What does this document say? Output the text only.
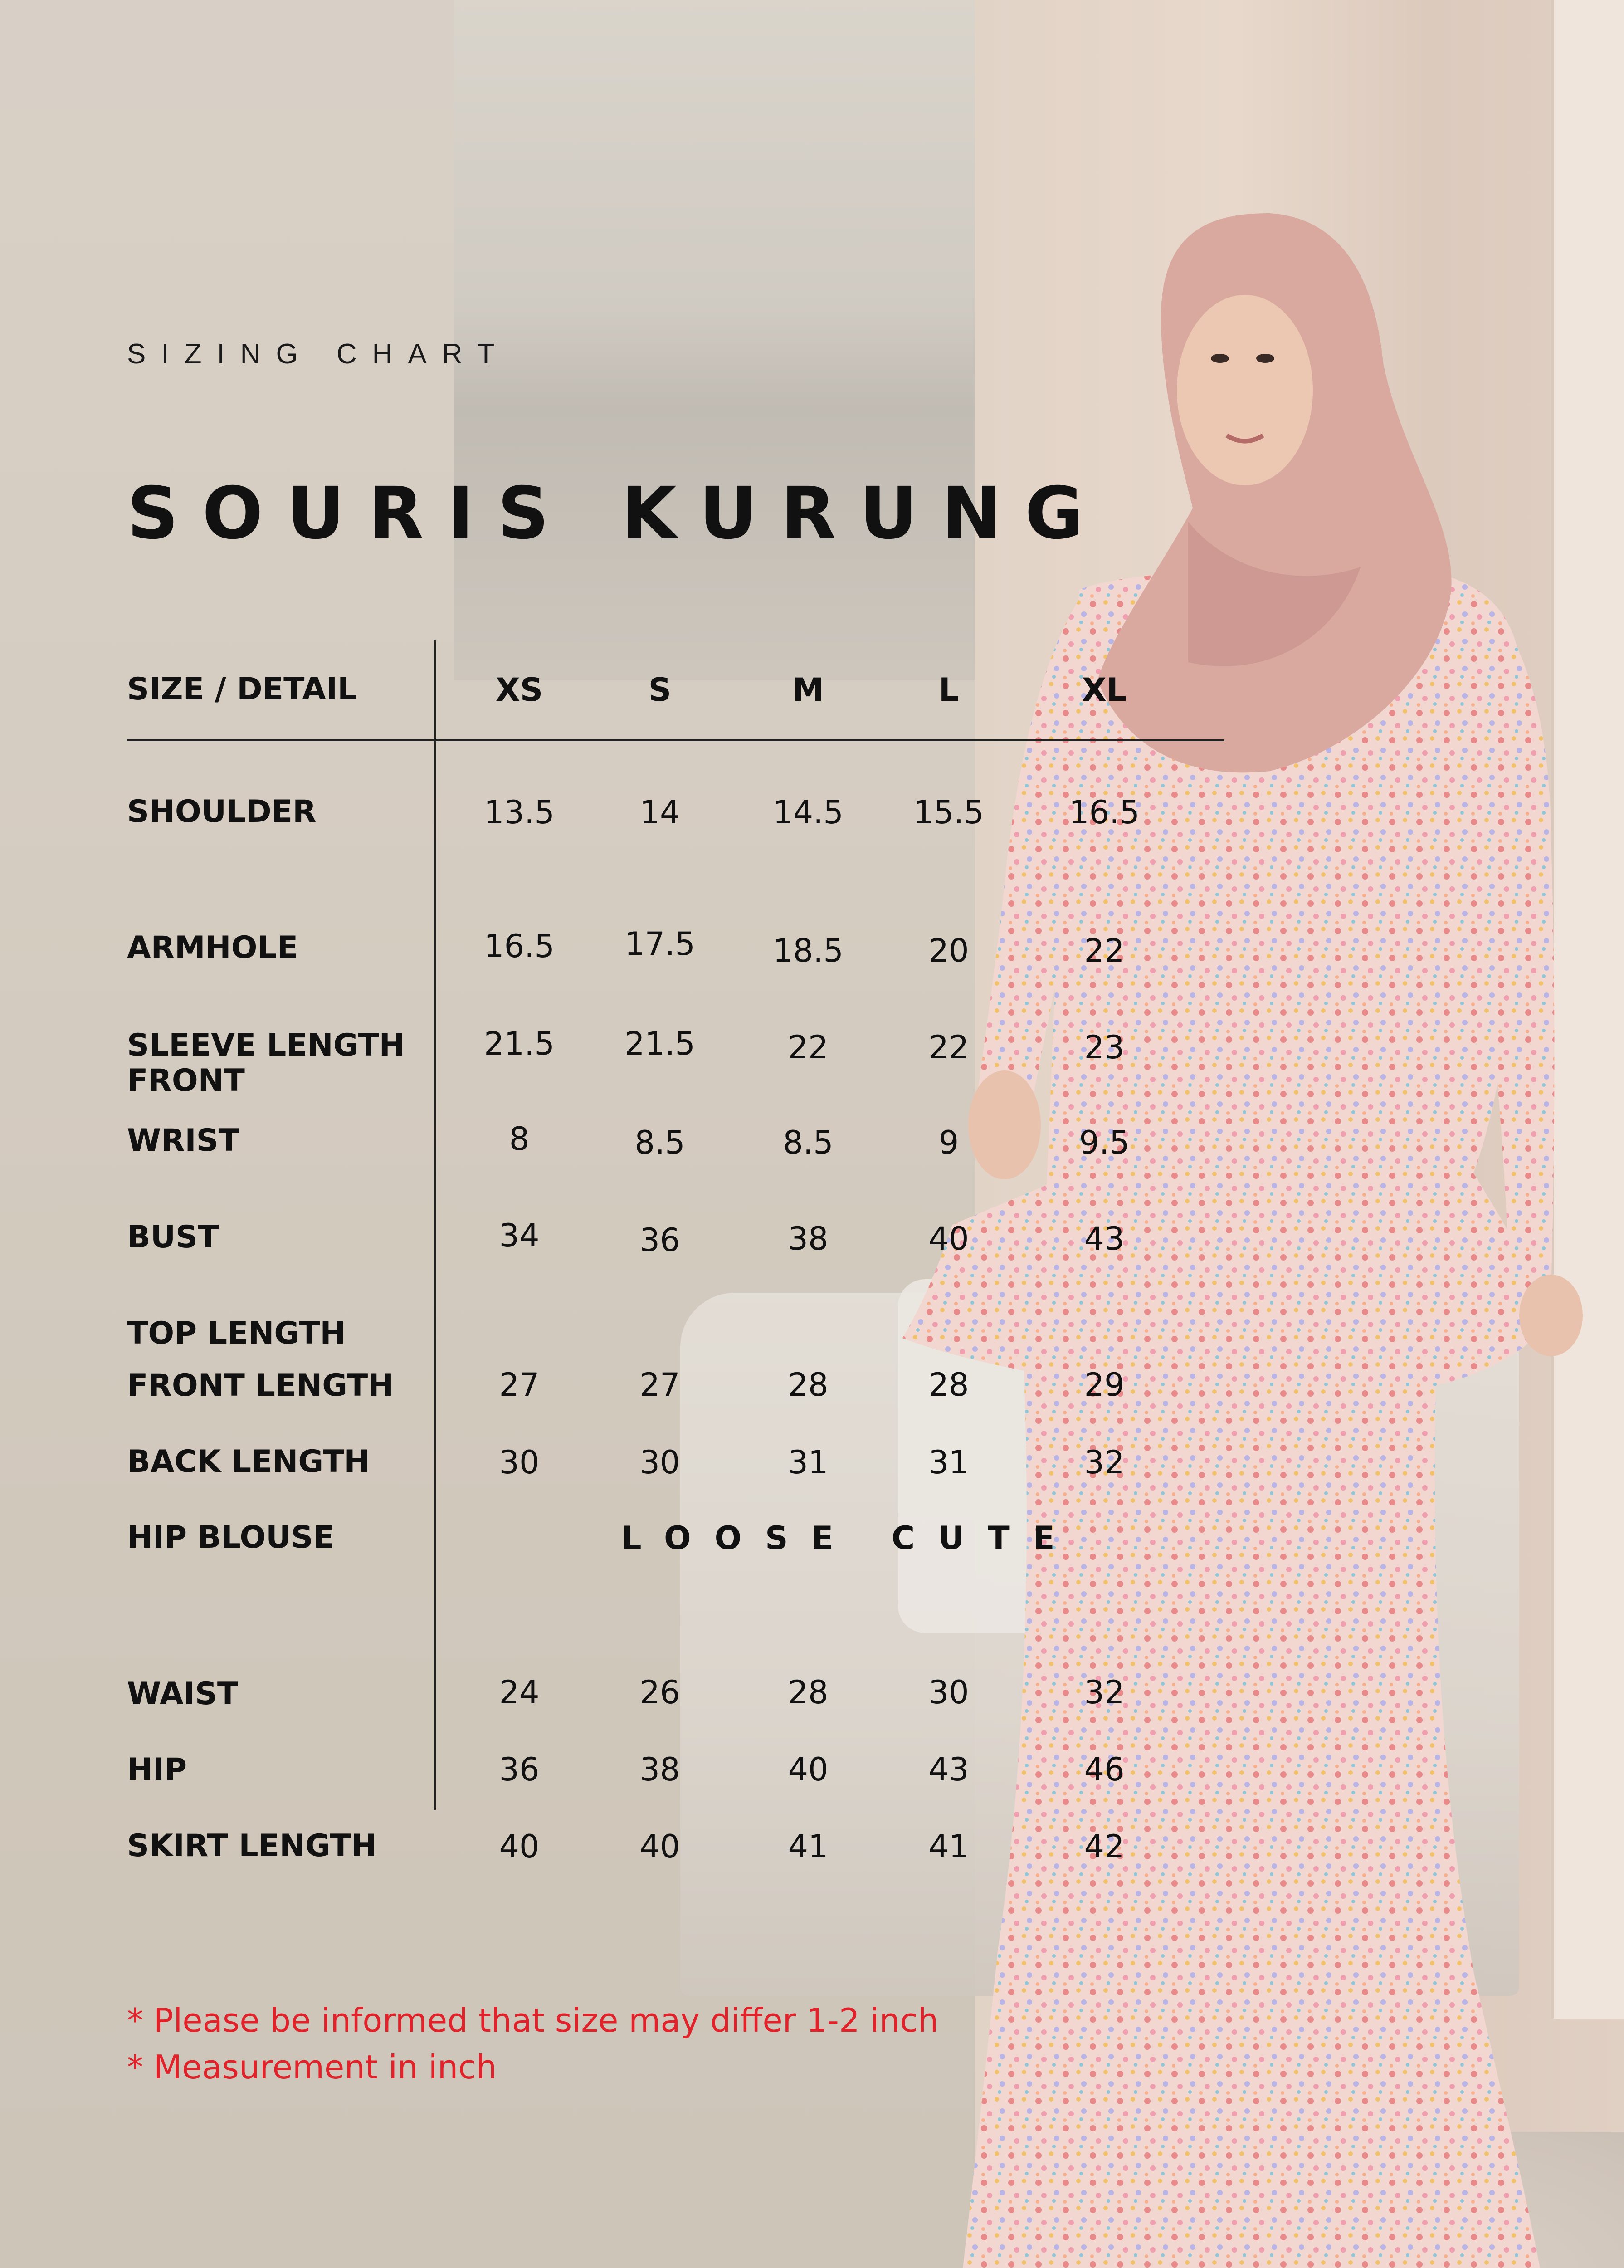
SIZING CHART
SOURIS KURUNG
SIZE / DETAIL	XS	S	M	L	XL
SHOULDER	13.5	14	14.5	15.5	16.5
ARMHOLE	16.5	17.5	18.5	20	22
SLEEVE LENGTH
FRONT
21.5	21.5	22	22	23
WRIST	8	8.5	8.5	9	9.5
BUST	34	36	38	40	43
TOP LENGTH
FRONT LENGTH	27	27	28	28	29
BACK LENGTH	30	30	31	31	32
HIP BLOUSE	LOOSE CUTE
WAIST	24	26	28	30	32
HIP	36	38	40	43	46
SKIRT LENGTH	40	40	41	41	42
* Please be informed that size may differ 1-2 inch
* Measurement in inch
